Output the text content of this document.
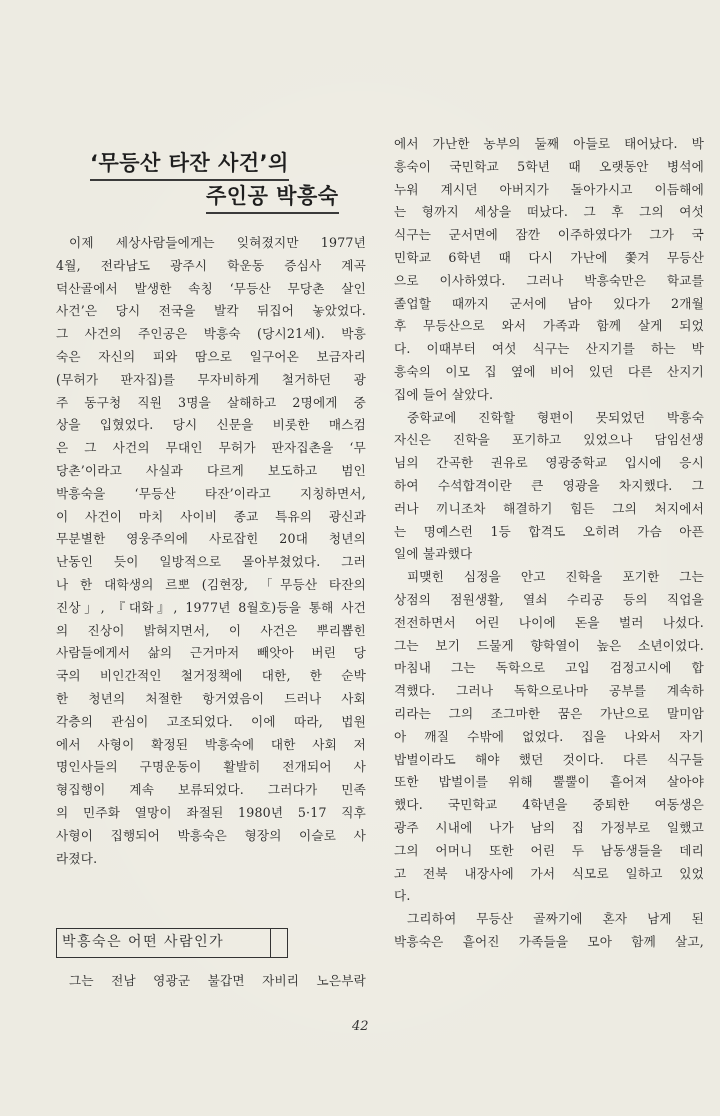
‘무등산 타잔 사건’의
주인공 박흥숙
이제 세상사람들에게는 잊혀졌지만 1977년
4월, 전라남도 광주시 학운동 증심사 계곡
덕산골에서 발생한 속칭 ‘무등산 무당촌 살인
사건’은 당시 전국을 발칵 뒤집어 놓았었다.
그 사건의 주인공은 박흥숙 (당시21세). 박흥
숙은 자신의 피와 땀으로 일구어온 보금자리
(무허가 판자집)를 무자비하게 철거하던 광
주 동구청 직원 3명을 살해하고 2명에게 중
상을 입혔었다. 당시 신문을 비롯한 매스컴
은 그 사건의 무대인 무허가 판자집촌을 ‘무
당촌’이라고 사실과 다르게 보도하고 범인
박흥숙을 ‘무등산 타잔’이라고 지칭하면서,
이 사건이 마치 사이비 종교 특유의 광신과
무분별한 영웅주의에 사로잡힌 20대 청년의
난동인 듯이 일방적으로 몰아부쳤었다. 그러
나 한 대학생의 르뽀 (김현장, 「무등산 타잔의
진상」, 『대화』, 1977년 8월호)등을 통해 사건
의 진상이 밝혀지면서, 이 사건은 뿌리뽑힌
사람들에게서 삶의 근거마저 빼앗아 버린 당
국의 비인간적인 철거정책에 대한, 한 순박
한 청년의 처절한 항거였음이 드러나 사회
각층의 관심이 고조되었다. 이에 따라, 법원
에서 사형이 확정된 박흥숙에 대한 사회 저
명인사들의 구명운동이 활발히 전개되어 사
형집행이 계속 보류되었다. 그러다가 민족
의 민주화 열망이 좌절된 1980년 5·17 직후
사형이 집행되어 박흥숙은 형장의 이슬로 사
라졌다.
에서 가난한 농부의 둘째 아들로 태어났다. 박
흥숙이 국민학교 5학년 때 오랫동안 병석에
누워 계시던 아버지가 돌아가시고 이듬해에
는 형까지 세상을 떠났다. 그 후 그의 여섯
식구는 군서면에 잠깐 이주하였다가 그가 국
민학교 6학년 때 다시 가난에 쫓겨 무등산
으로 이사하였다. 그러나 박흥숙만은 학교를
졸업할 때까지 군서에 남아 있다가 2개월
후 무등산으로 와서 가족과 함께 살게 되었
다. 이때부터 여섯 식구는 산지기를 하는 박
흥숙의 이모 집 옆에 비어 있던 다른 산지기
집에 들어 살았다.
중학교에 진학할 형편이 못되었던 박흥숙
자신은 진학을 포기하고 있었으나 담임선생
님의 간곡한 권유로 영광중학교 입시에 응시
하여 수석합격이란 큰 영광을 차지했다. 그
러나 끼니조차 해결하기 힘든 그의 처지에서
는 명예스런 1등 합격도 오히려 가슴 아픈
일에 불과했다
피맺힌 심정을 안고 진학을 포기한 그는
상점의 점원생활, 열쇠 수리공 등의 직업을
전전하면서 어린 나이에 돈을 벌러 나섰다.
그는 보기 드물게 향학열이 높은 소년이었다.
마침내 그는 독학으로 고입 검정고시에 합
격했다. 그러나 독학으로나마 공부를 계속하
리라는 그의 조그마한 꿈은 가난으로 말미암
아 깨질 수밖에 없었다. 집을 나와서 자기
밥벌이라도 해야 했던 것이다. 다른 식구들
또한 밥벌이를 위해 뿔뿔이 흩어져 살아야
했다. 국민학교 4학년을 중퇴한 여동생은
광주 시내에 나가 남의 집 가정부로 일했고
그의 어머니 또한 어린 두 남동생들을 데리
고 전북 내장사에 가서 식모로 일하고 있었
다.
그리하여 무등산 골짜기에 혼자 남게 된
박흥숙은 흩어진 가족들을 모아 함께 살고,
박흥숙은 어떤 사람인가
그는 전남 영광군 불갑면 자비리 노은부락
42
